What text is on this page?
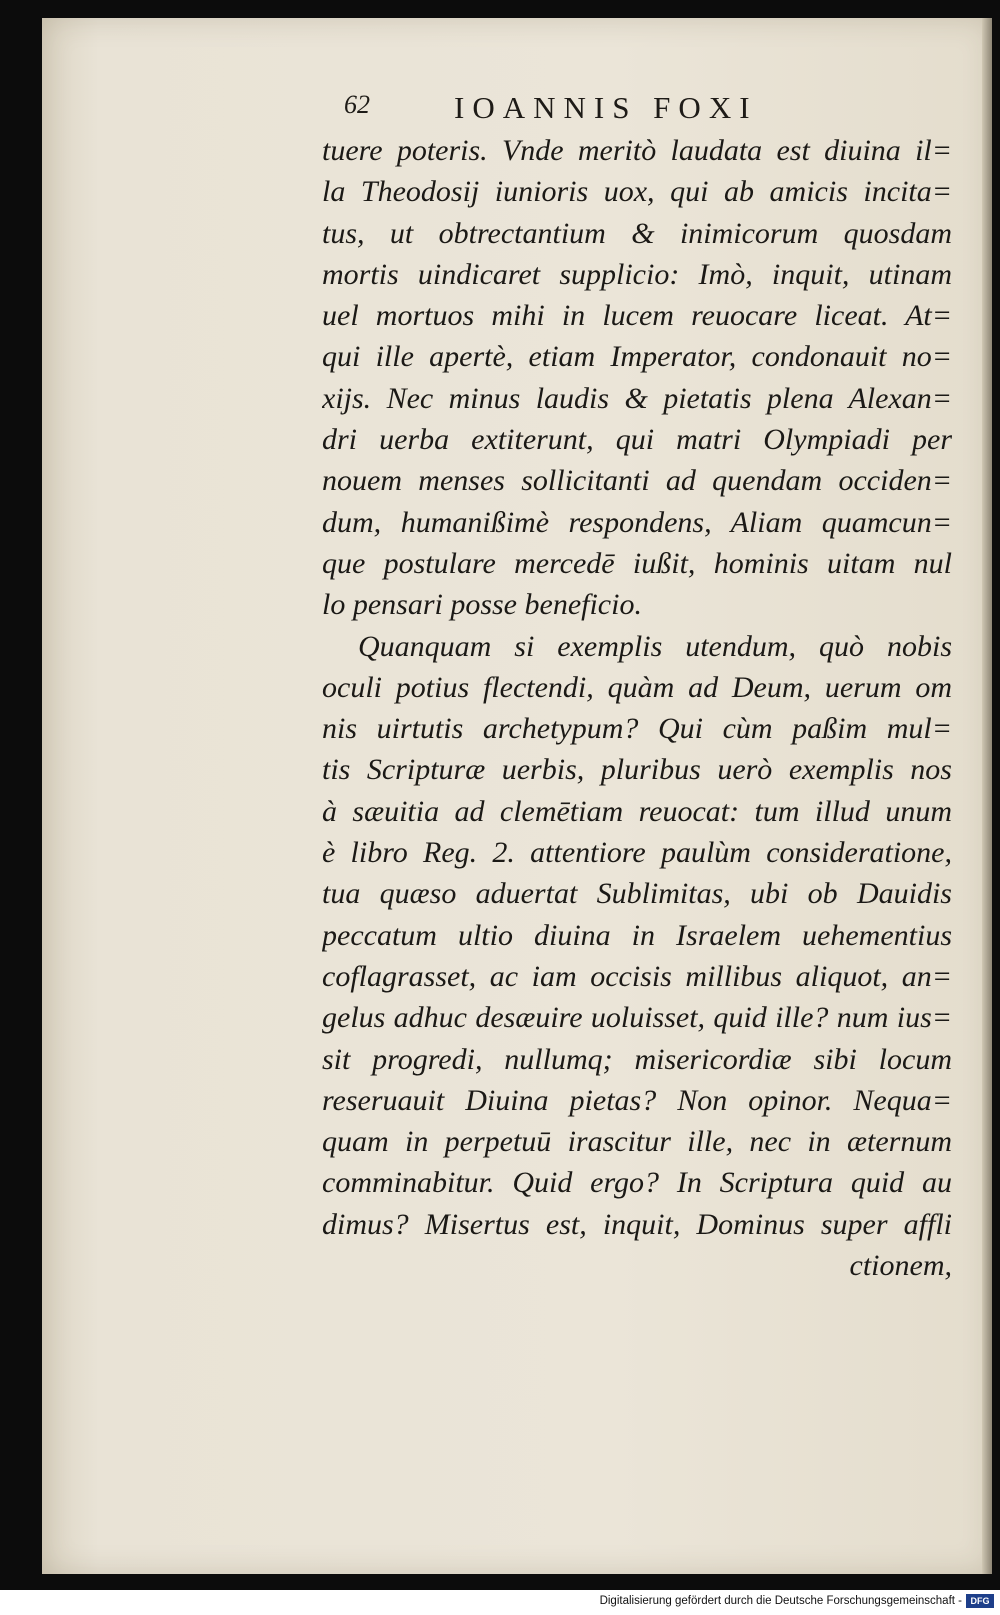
62	IOANNIS FOXI
tuere poteris. Vnde meritò laudata est diuina il=
la Theodosij iunioris uox, qui ab amicis incita=
tus, ut obtrectantium & inimicorum quosdam
mortis uindicaret supplicio: Imò, inquit, utinam
uel mortuos mihi in lucem reuocare liceat. At=
qui ille apertè, etiam Imperator, condonauit no=
xijs. Nec minus laudis & pietatis plena Alexan=
dri uerba extiterunt, qui matri Olympiadi per
nouem menses sollicitanti ad quendam occiden=
dum, humanißimè respondens, Aliam quamcun=
que postulare mercedē iußit, hominis uitam nul
lo pensari posse beneficio.
Quanquam si exemplis utendum, quò nobis
oculi potius flectendi, quàm ad Deum, uerum om
nis uirtutis archetypum? Qui cùm paßim mul=
tis Scripturæ uerbis, pluribus uerò exemplis nos
à sæuitia ad clemētiam reuocat: tum illud unum
è libro Reg. 2. attentiore paulùm consideratione,
tua quæso aduertat Sublimitas, ubi ob Dauidis
peccatum ultio diuina in Israelem uehementius
coflagrasset, ac iam occisis millibus aliquot, an=
gelus adhuc desæuire uoluisset, quid ille? num ius=
sit progredi, nullumq; misericordiæ sibi locum
reseruauit Diuina pietas? Non opinor. Nequa=
quam in perpetuū irascitur ille, nec in æternum
comminabitur. Quid ergo? In Scriptura quid au
dimus? Misertus est, inquit, Dominus super affli
ctionem,
Digitalisierung gefördert durch die Deutsche Forschungsgemeinschaft - DFG
